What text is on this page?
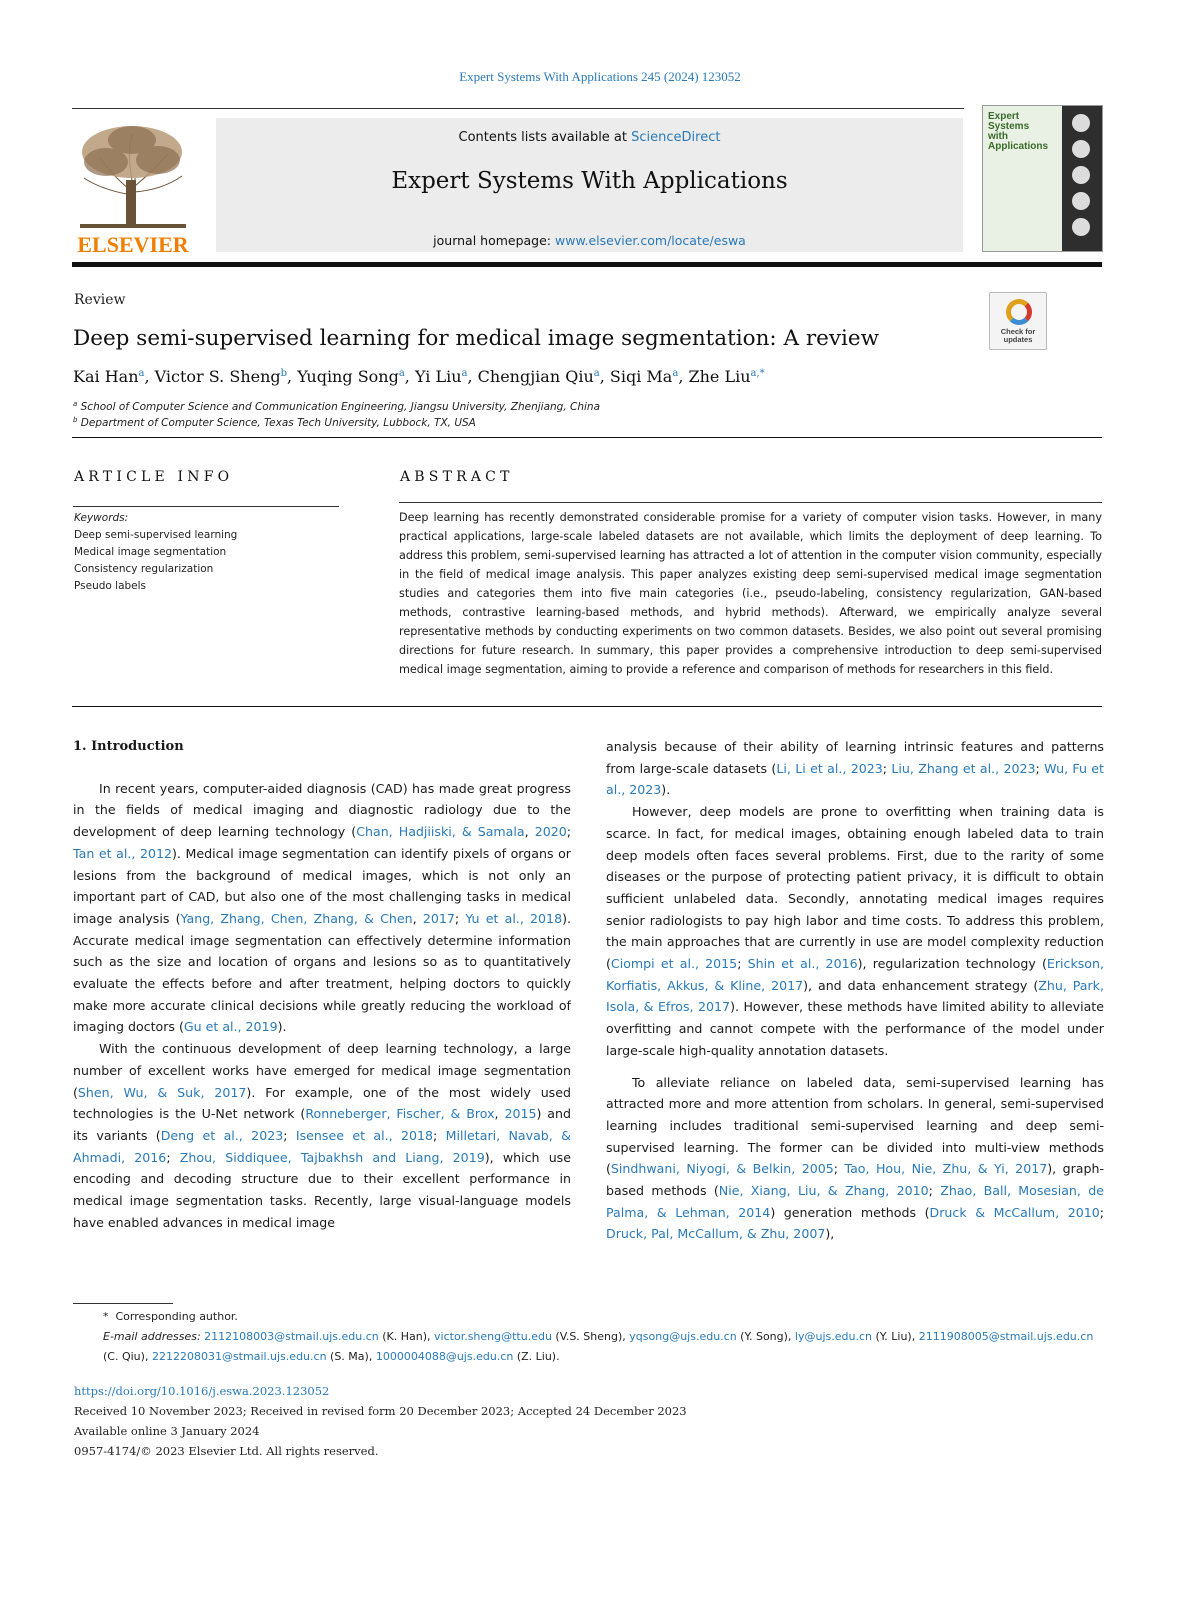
Expert Systems With Applications 245 (2024) 123052
ELSEVIER
Contents lists available at ScienceDirect
Expert Systems With Applications
journal homepage: www.elsevier.com/locate/eswa
Expert
Systems
with
Applications
Review
Deep semi-supervised learning for medical image segmentation: A review	Check for
updates
Kai Han$^a$, Victor S. Sheng$^b$, Yuqing Song$^a$, Yi Liu$^a$, Chengjian Qiu$^a$, Siqi Ma$^a$, Zhe Liu$^{a,*}$
$^a$ School of Computer Science and Communication Engineering, Jiangsu University, Zhenjiang, China
$^b$ Department of Computer Science, Texas Tech University, Lubbock, TX, USA
ARTICLE INFO	ABSTRACT
Keywords:
Deep semi-supervised learning
Medical image segmentation
Consistency regularization
Pseudo labels
Deep learning has recently demonstrated considerable promise for a variety of computer vision tasks. However, in many practical applications, large-scale labeled datasets are not available, which limits the deployment of deep learning. To address this problem, semi-supervised learning has attracted a lot of attention in the computer vision community, especially in the field of medical image analysis. This paper analyzes existing deep semi-supervised medical image segmentation studies and categories them into five main categories (i.e., pseudo-labeling, consistency regularization, GAN-based methods, contrastive learning-based methods, and hybrid methods). Afterward, we empirically analyze several representative methods by conducting experiments on two common datasets. Besides, we also point out several promising directions for future research. In summary, this paper provides a comprehensive introduction to deep semi-supervised medical image segmentation, aiming to provide a reference and comparison of methods for researchers in this field.
1. Introduction

In recent years, computer-aided diagnosis (CAD) has made great progress in the fields of medical imaging and diagnostic radiology due to the development of deep learning technology (Chan, Hadjiiski, & Samala, 2020; Tan et al., 2012). Medical image segmentation can identify pixels of organs or lesions from the background of medical images, which is not only an important part of CAD, but also one of the most challenging tasks in medical image analysis (Yang, Zhang, Chen, Zhang, & Chen, 2017; Yu et al., 2018). Accurate medical image segmentation can effectively determine information such as the size and location of organs and lesions so as to quantitatively evaluate the effects before and after treatment, helping doctors to quickly make more accurate clinical decisions while greatly reducing the workload of imaging doctors (Gu et al., 2019).

With the continuous development of deep learning technology, a large number of excellent works have emerged for medical image segmentation (Shen, Wu, & Suk, 2017). For example, one of the most widely used technologies is the U-Net network (Ronneberger, Fischer, & Brox, 2015) and its variants (Deng et al., 2023; Isensee et al., 2018; Milletari, Navab, & Ahmadi, 2016; Zhou, Siddiquee, Tajbakhsh and Liang, 2019), which use encoding and decoding structure due to their excellent performance in medical image segmentation tasks. Recently, large visual-language models have enabled advances in medical image

analysis because of their ability of learning intrinsic features and patterns from large-scale datasets (Li, Li et al., 2023; Liu, Zhang et al., 2023; Wu, Fu et al., 2023).

However, deep models are prone to overfitting when training data is scarce. In fact, for medical images, obtaining enough labeled data to train deep models often faces several problems. First, due to the rarity of some diseases or the purpose of protecting patient privacy, it is difficult to obtain sufficient unlabeled data. Secondly, annotating medical images requires senior radiologists to pay high labor and time costs. To address this problem, the main approaches that are currently in use are model complexity reduction (Ciompi et al., 2015; Shin et al., 2016), regularization technology (Erickson, Korfiatis, Akkus, & Kline, 2017), and data enhancement strategy (Zhu, Park, Isola, & Efros, 2017). However, these methods have limited ability to alleviate overfitting and cannot compete with the performance of the model under large-scale high-quality annotation datasets.

To alleviate reliance on labeled data, semi-supervised learning has attracted more and more attention from scholars. In general, semi-supervised learning includes traditional semi-supervised learning and deep semi-supervised learning. The former can be divided into multi-view methods (Sindhwani, Niyogi, & Belkin, 2005; Tao, Hou, Nie, Zhu, & Yi, 2017), graph-based methods (Nie, Xiang, Liu, & Zhang, 2010; Zhao, Ball, Mosesian, de Palma, & Lehman, 2014) generation methods (Druck & McCallum, 2010; Druck, Pal, McCallum, & Zhu, 2007),

*  Corresponding author.
E-mail addresses: 2112108003@stmail.ujs.edu.cn (K. Han), victor.sheng@ttu.edu (V.S. Sheng), yqsong@ujs.edu.cn (Y. Song), ly@ujs.edu.cn (Y. Liu), 2111908005@stmail.ujs.edu.cn (C. Qiu), 2212208031@stmail.ujs.edu.cn (S. Ma), 1000004088@ujs.edu.cn (Z. Liu).
https://doi.org/10.1016/j.eswa.2023.123052
Received 10 November 2023; Received in revised form 20 December 2023; Accepted 24 December 2023
Available online 3 January 2024
0957-4174/© 2023 Elsevier Ltd. All rights reserved.
